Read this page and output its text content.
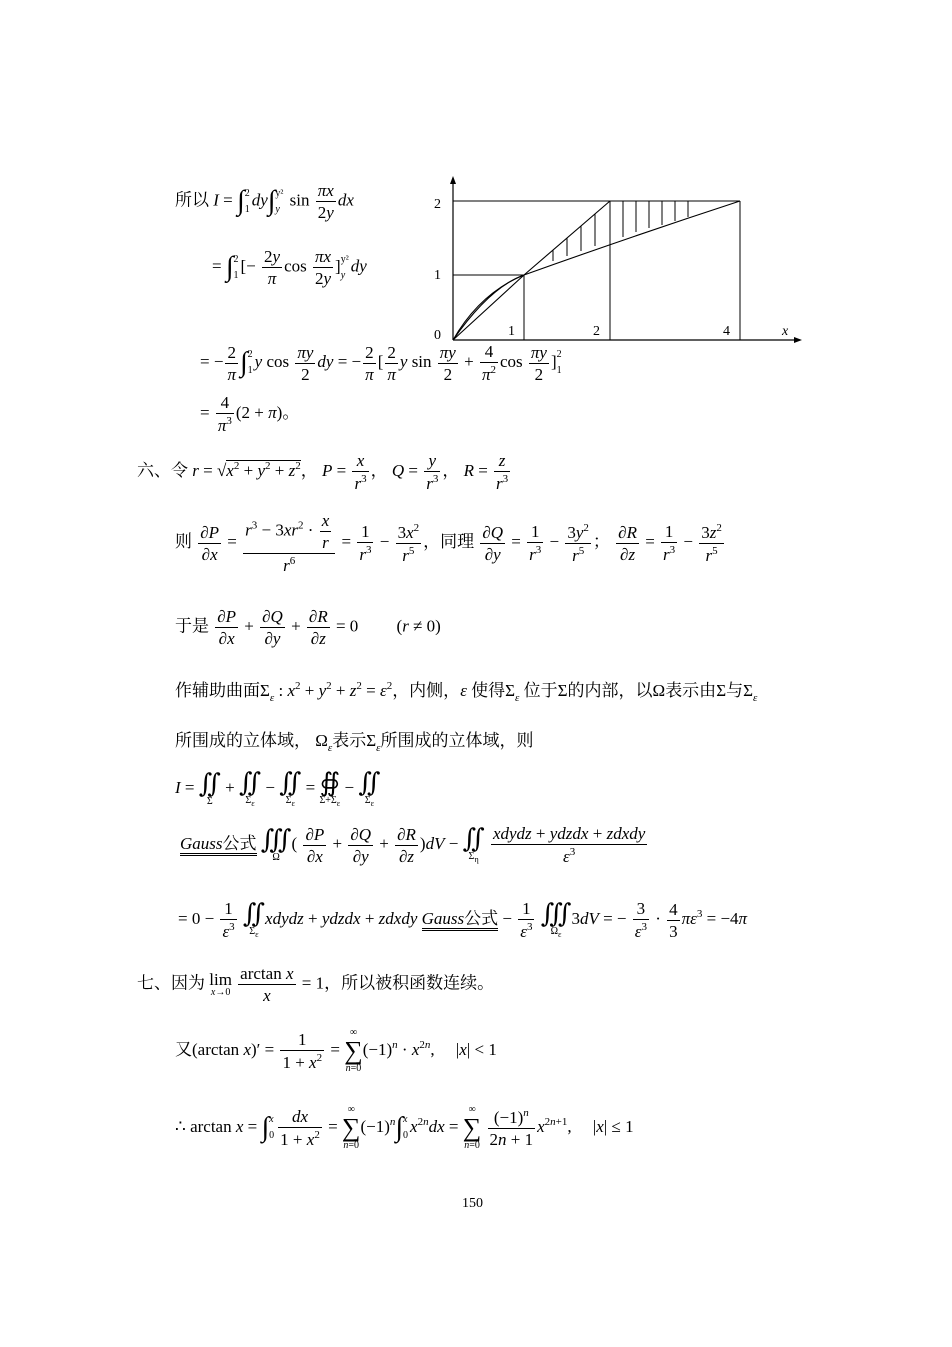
2
1
0	1	2	4	x
所以 I = ∫2
1 dy∫y²
y $\sin \frac{\pi x}{2y}$ dx
= ∫2
1 [− $\frac{2y}{\pi}$ $\cos \frac{\pi x}{2y} ]y^2$
y dy
= − $\frac{2}{\pi} \int 2$
1 y $\cos \frac{\pi y}{2}$ dy = − $\frac{2}{\pi}$ [ $\frac{2}{\pi}$ y $\sin \frac{\pi y}{2} + \frac{4}{\pi^2}$ $\cos \frac{\pi y}{2} ]2$
1
= $\frac{4}{\pi^3} (2 + \pi)$。
六、令 $r = √x^2 + y^2 + z^2$， $P = \frac{x}{r^3}$ ， $Q = \frac{y}{r^3}$ ， $R = \frac{z}{r^3}$
则 $\frac{\partial P}{\partial x} = \frac{r^3 - 3xr^2 \cdot \frac{x}{r}}{r^6} = \frac{1}{r^3} - \frac{3x^2}{r^5}$ ，同理 $\frac{\partial Q}{\partial y} = \frac{1}{r^3} - \frac{3y^2}{r^5}$ ； $\frac{\partial R}{\partial z} = \frac{1}{r^3} - \frac{3z^2}{r^5}$
于是 $\frac{\partial P}{\partial x} + \frac{\partial Q}{\partial y} + \frac{\partial R}{\partial z} = 0$         (r ≠ 0)
作辅助曲面$\Sigma_\varepsilon$ : $x^2 + y^2 + z^2 = \varepsilon^2$，内侧，ε 使得$\Sigma_\varepsilon$ 位于Σ的内部，以Ω表示由Σ与$\Sigma_\varepsilon$
所围成的立体域， $\Omega_\varepsilon$表示$\Sigma_\varepsilon$所围成的立体域，则
I = ∬
Σ
+ ∬
$\Sigma_\varepsilon$
− ∬
$\Sigma_\varepsilon$
= ∯
$\Sigma+\Sigma_\varepsilon$
− ∬
$\Sigma_\varepsilon$
Gauss公式 ∭
Ω
( $\frac{\partial P}{\partial x} + \frac{\partial Q}{\partial y} + \frac{\partial R}{\partial z} )dV$ − ∬
$\Sigma_\eta$
$\frac{\text{xdydz + ydzdx + zdxdy}}{\varepsilon^3}$
= $0 - \frac{1}{\varepsilon^3}$
∬
$\Sigma_\varepsilon$
xdydz + ydzdx + zdxdy Gauss公式 − $\frac{1}{\varepsilon^3}$
∭
$\Omega_\varepsilon$
3dV = − $\frac{3}{\varepsilon^3} \cdot \frac{4}{3} \pi\varepsilon^3 = -4\pi$
七、因为 lim
x→0
$\frac{\text{arctan x}}{x} = 1$，所以被积函数连续。
又(arctan $x)' = \frac{1}{1 + x^2}$ =
∞
∑
n=0
$(-1)^n \cdot x^{2n}$,     |x| < 1
∴ arctan x = ∫x
$0 \frac{dx}{1 + x^2}$ =
∞
∑
n=0
$(-1)^n\int x$
0 $x^{2n}dx$ =
∞
∑
n=0
$\frac{(-1)^n}{2n + 1} x^{2n+1}$,     |x| ≤ 1
150
